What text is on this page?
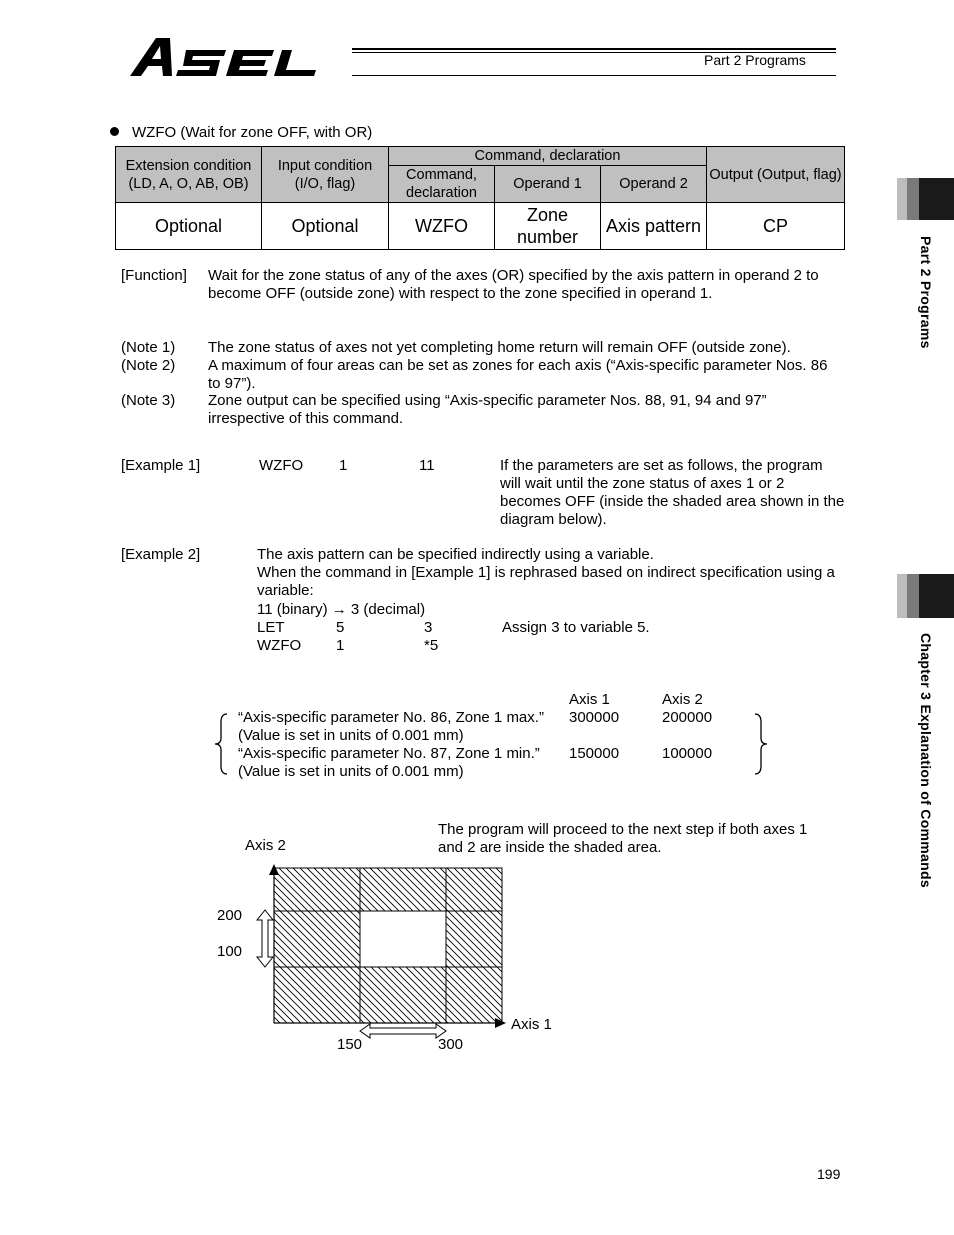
Part 2 Programs
Part 2 Programs
Chapter 3 Explanation of Commands
WZFO (Wait for zone OFF, with OR)
Extension condition (LD, A, O, AB, OB)	Input condition (I/O, flag)	Command, declaration			Output (Output, flag)
		Command, declaration	Operand 1	Operand 2	
Optional	Optional	WZFO	Zone number	Axis pattern	CP
[Function] Wait for the zone status of any of the axes (OR) specified by the axis pattern in operand 2 to become OFF (outside zone) with respect to the zone specified in operand 1.
(Note 1) The zone status of axes not yet completing home return will remain OFF (outside zone).
(Note 2) A maximum of four areas can be set as zones for each axis (“Axis-specific parameter Nos. 86 to 97”).
(Note 3) Zone output can be specified using “Axis-specific parameter Nos. 88, 91, 94 and 97” irrespective of this command.
[Example 1]	WZFO 1	11	If the parameters are set as follows, the program will wait until the zone status of axes 1 or 2 becomes OFF (inside the shaded area shown in the diagram below).
[Example 2]	The axis pattern can be specified indirectly using a variable.
When the command in [Example 1] is rephrased based on indirect specification using a variable:
11 (binary) → 3 (decimal)
LET	5	3	Assign 3 to variable 5.
WZFO 1	*5
Axis 1	Axis 2
“Axis-specific parameter No. 86, Zone 1 max.”
(Value is set in units of 0.001 mm)
300000	200000
“Axis-specific parameter No. 87, Zone 1 min.”
(Value is set in units of 0.001 mm)
150000	100000
The program will proceed to the next step if both axes 1 and 2 are inside the shaded area.
Axis 2
Axis 1
200
100
150	300
199
